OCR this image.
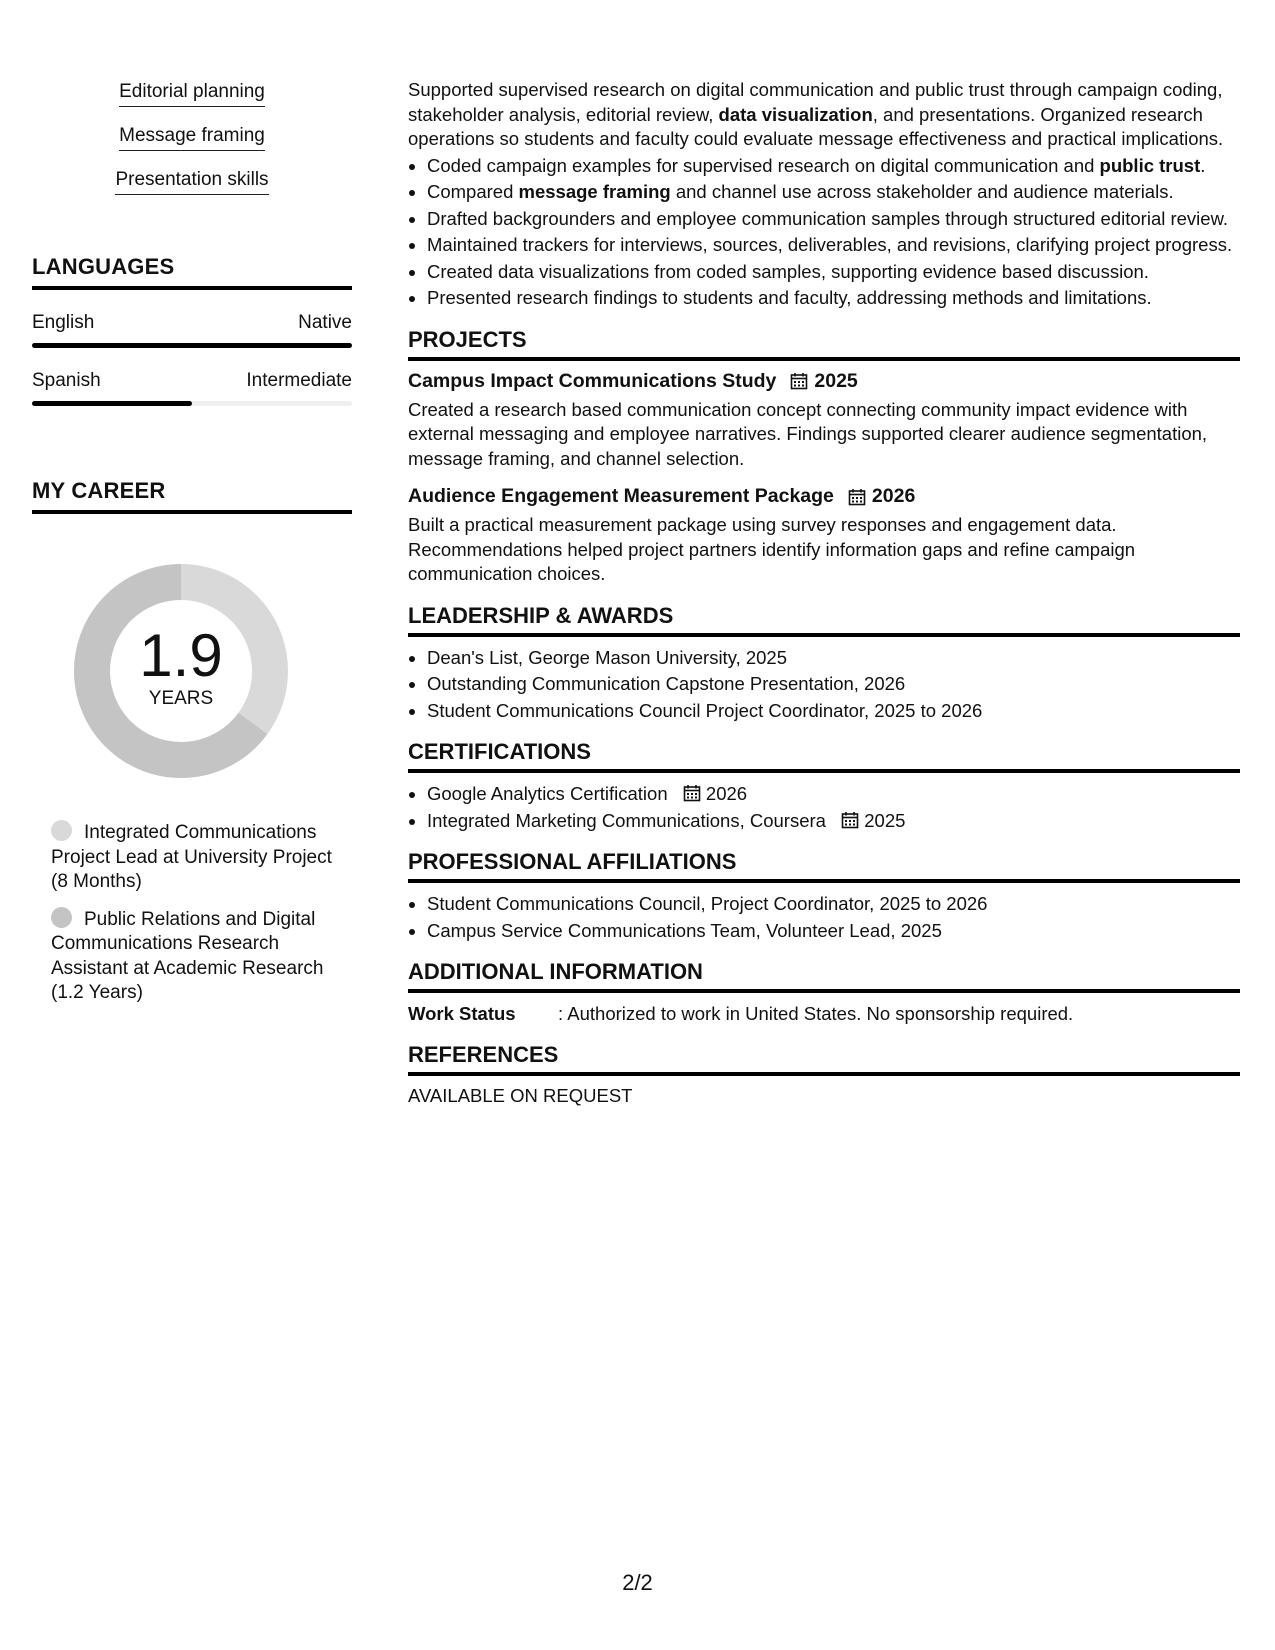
Editorial planning
Message framing
Presentation skills
LANGUAGES
English	Native
Spanish	Intermediate
MY CAREER
1.9
YEARS
Integrated Communications Project Lead at University Project (8 Months)
Public Relations and Digital Communications Research Assistant at Academic Research (1.2 Years)

Supported supervised research on digital communication and public trust through campaign coding, stakeholder analysis, editorial review, data visualization, and presentations. Organized research operations so students and faculty could evaluate message effectiveness and practical implications.

• Coded campaign examples for supervised research on digital communication and public trust.
• Compared message framing and channel use across stakeholder and audience materials.
• Drafted backgrounders and employee communication samples through structured editorial review.
• Maintained trackers for interviews, sources, deliverables, and revisions, clarifying project progress.
• Created data visualizations from coded samples, supporting evidence based discussion.
• Presented research findings to students and faculty, addressing methods and limitations.
PROJECTS
Campus Impact Communications Study 2025

Created a research based communication concept connecting community impact evidence with external messaging and employee narratives. Findings supported clearer audience segmentation, message framing, and channel selection.

Audience Engagement Measurement Package 2026

Built a practical measurement package using survey responses and engagement data. Recommendations helped project partners identify information gaps and refine campaign communication choices.

LEADERSHIP & AWARDS
• Dean's List, George Mason University, 2025
• Outstanding Communication Capstone Presentation, 2026
• Student Communications Council Project Coordinator, 2025 to 2026
CERTIFICATIONS
• Google Analytics Certification 2026
• Integrated Marketing Communications, Coursera 2025
PROFESSIONAL AFFILIATIONS
• Student Communications Council, Project Coordinator, 2025 to 2026
• Campus Service Communications Team, Volunteer Lead, 2025
ADDITIONAL INFORMATION
Work Status	: Authorized to work in United States. No sponsorship required.
REFERENCES

AVAILABLE ON REQUEST

2/2
